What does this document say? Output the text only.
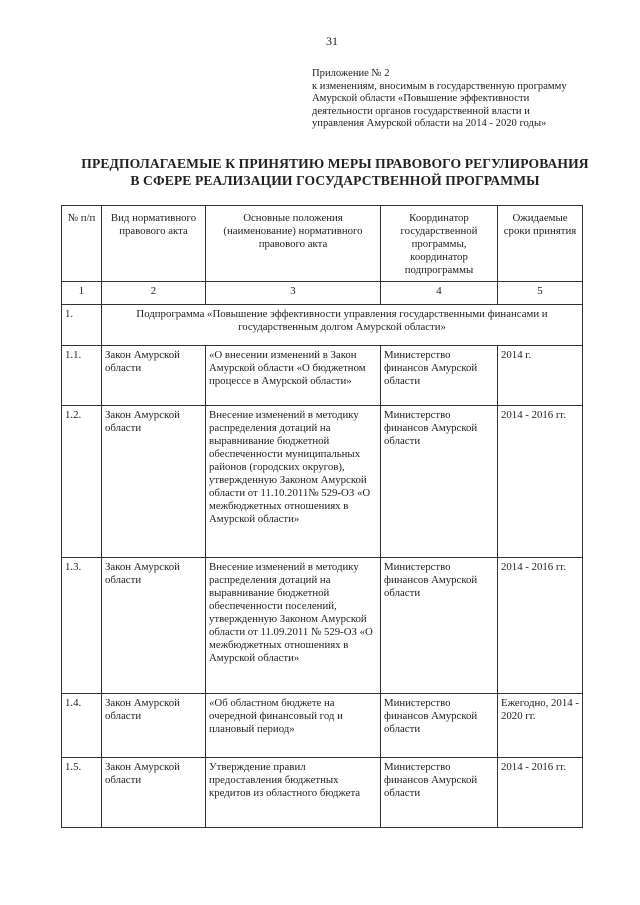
31
Приложение № 2
к изменениям, вносимым в государственную программу
Амурской области «Повышение эффективности
деятельности органов государственной власти и
управления Амурской области на 2014 - 2020 годы»
ПРЕДПОЛАГАЕМЫЕ К ПРИНЯТИЮ МЕРЫ ПРАВОВОГО РЕГУЛИРОВАНИЯ
В СФЕРЕ РЕАЛИЗАЦИИ ГОСУДАРСТВЕННОЙ ПРОГРАММЫ
№ п/п	Вид нормативного правового акта	Основные положения (наименование) нормативного правового акта	Координатор государственной программы, координатор подпрограммы	Ожидаемые сроки принятия
1	2	3	4	5
1.	Подпрограмма «Повышение эффективности управления государственными финансами и государственным долгом Амурской области»			

1.1.	Закон Амурской области	«О внесении изменений в Закон Амурской области «О бюджетном процессе в Амурской области»	Министерство финансов Амурской области	2014 г.
1.2.	Закон Амурской области	Внесение изменений в методику распределения дотаций на выравнивание бюджетной обеспеченности муниципальных районов (городских округов), утвержденную Законом Амурской области от 11.10.2011№ 529-ОЗ «О межбюджетных отношениях в Амурской области»	Министерство финансов Амурской области	2014 - 2016 гг.
1.3.	Закон Амурской области	Внесение изменений в методику распределения дотаций на выравнивание бюджетной обеспеченности поселений, утвержденную Законом Амурской области от 11.09.2011 № 529-ОЗ «О межбюджетных отношениях в Амурской области»	Министерство финансов Амурской области	2014 - 2016 гг.
1.4.	Закон Амурской области	«Об областном бюджете на очередной финансовый год и плановый период»	Министерство финансов Амурской области	Ежегодно, 2014 - 2020 гг.
1.5.	Закон Амурской области	Утверждение правил предоставления бюджетных кредитов из областного бюджета	Министерство финансов Амурской области	2014 - 2016 гг.
